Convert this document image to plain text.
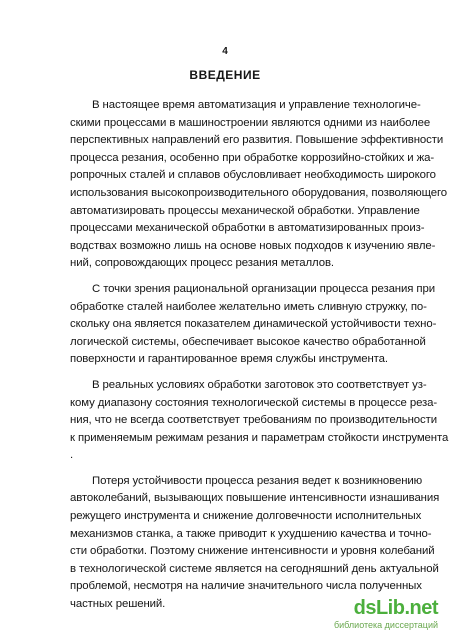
4
ВВЕДЕНИЕ
В настоящее время автоматизация и управление технологиче-
скими процессами в машиностроении являются одними из наиболее
перспективных направлений его развития. Повышение эффективности
процесса резания, особенно при обработке коррозийно-стойких и жа-
ропрочных сталей и сплавов обусловливает необходимость широкого
использования высокопроизводительного оборудования, позволяющего
автоматизировать процессы механической обработки. Управление
процессами механической обработки в автоматизированных произ-
водствах возможно лишь на основе новых подходов к изучению явле-
ний, сопровождающих процесс резания металлов.
С точки зрения рациональной организации процесса резания при
обработке сталей наиболее желательно иметь сливную стружку, по-
скольку она является показателем динамической устойчивости техно-
логической системы, обеспечивает высокое качество обработанной
поверхности и гарантированное время службы инструмента.
В реальных условиях обработки заготовок это соответствует уз-
кому диапазону состояния технологической системы в процессе реза-
ния, что не всегда соответствует требованиям по производительности
к применяемым режимам резания и параметрам стойкости инструмента
.
Потеря устойчивости процесса резания ведет к возникновению
автоколебаний, вызывающих повышение интенсивности изнашивания
режущего инструмента и снижение долговечности исполнительных
механизмов станка, а также приводит к ухудшению качества и точно-
сти обработки. Поэтому снижение интенсивности и уровня колебаний
в технологической системе является на сегодняшний день актуальной
проблемой, несмотря на наличие значительного числа полученных
частных решений.	dsLib.net
библиотека диссертаций
